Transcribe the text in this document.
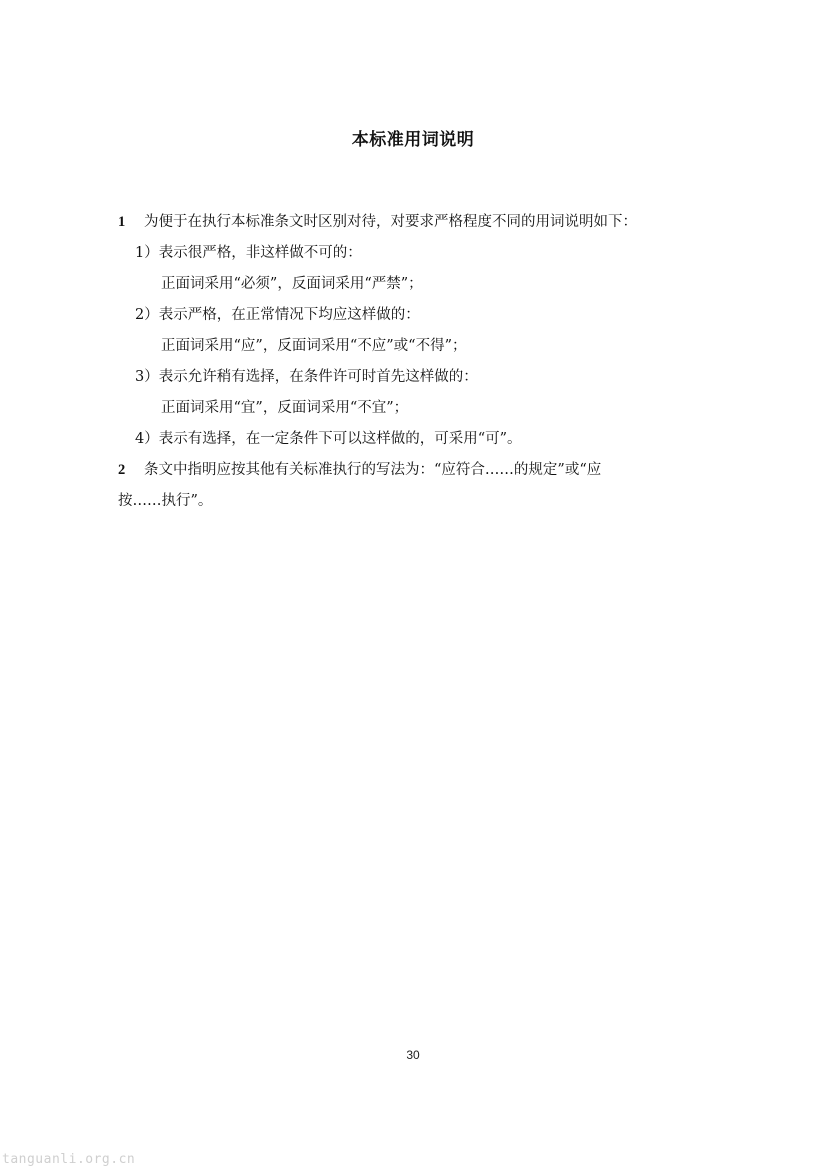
本标准用词说明
1 为便于在执行本标准条文时区别对待，对要求严格程度不同的用词说明如下：
1）表示很严格，非这样做不可的：
正面词采用“必须”，反面词采用“严禁”；
2）表示严格，在正常情况下均应这样做的：
正面词采用“应”，反面词采用“不应”或“不得”；
3）表示允许稍有选择，在条件许可时首先这样做的：
正面词采用“宜”，反面词采用“不宜”；
4）表示有选择，在一定条件下可以这样做的，可采用“可”。
2 条文中指明应按其他有关标准执行的写法为：“应符合……的规定”或“应
按……执行”。
30
tanguanli.org.cn
